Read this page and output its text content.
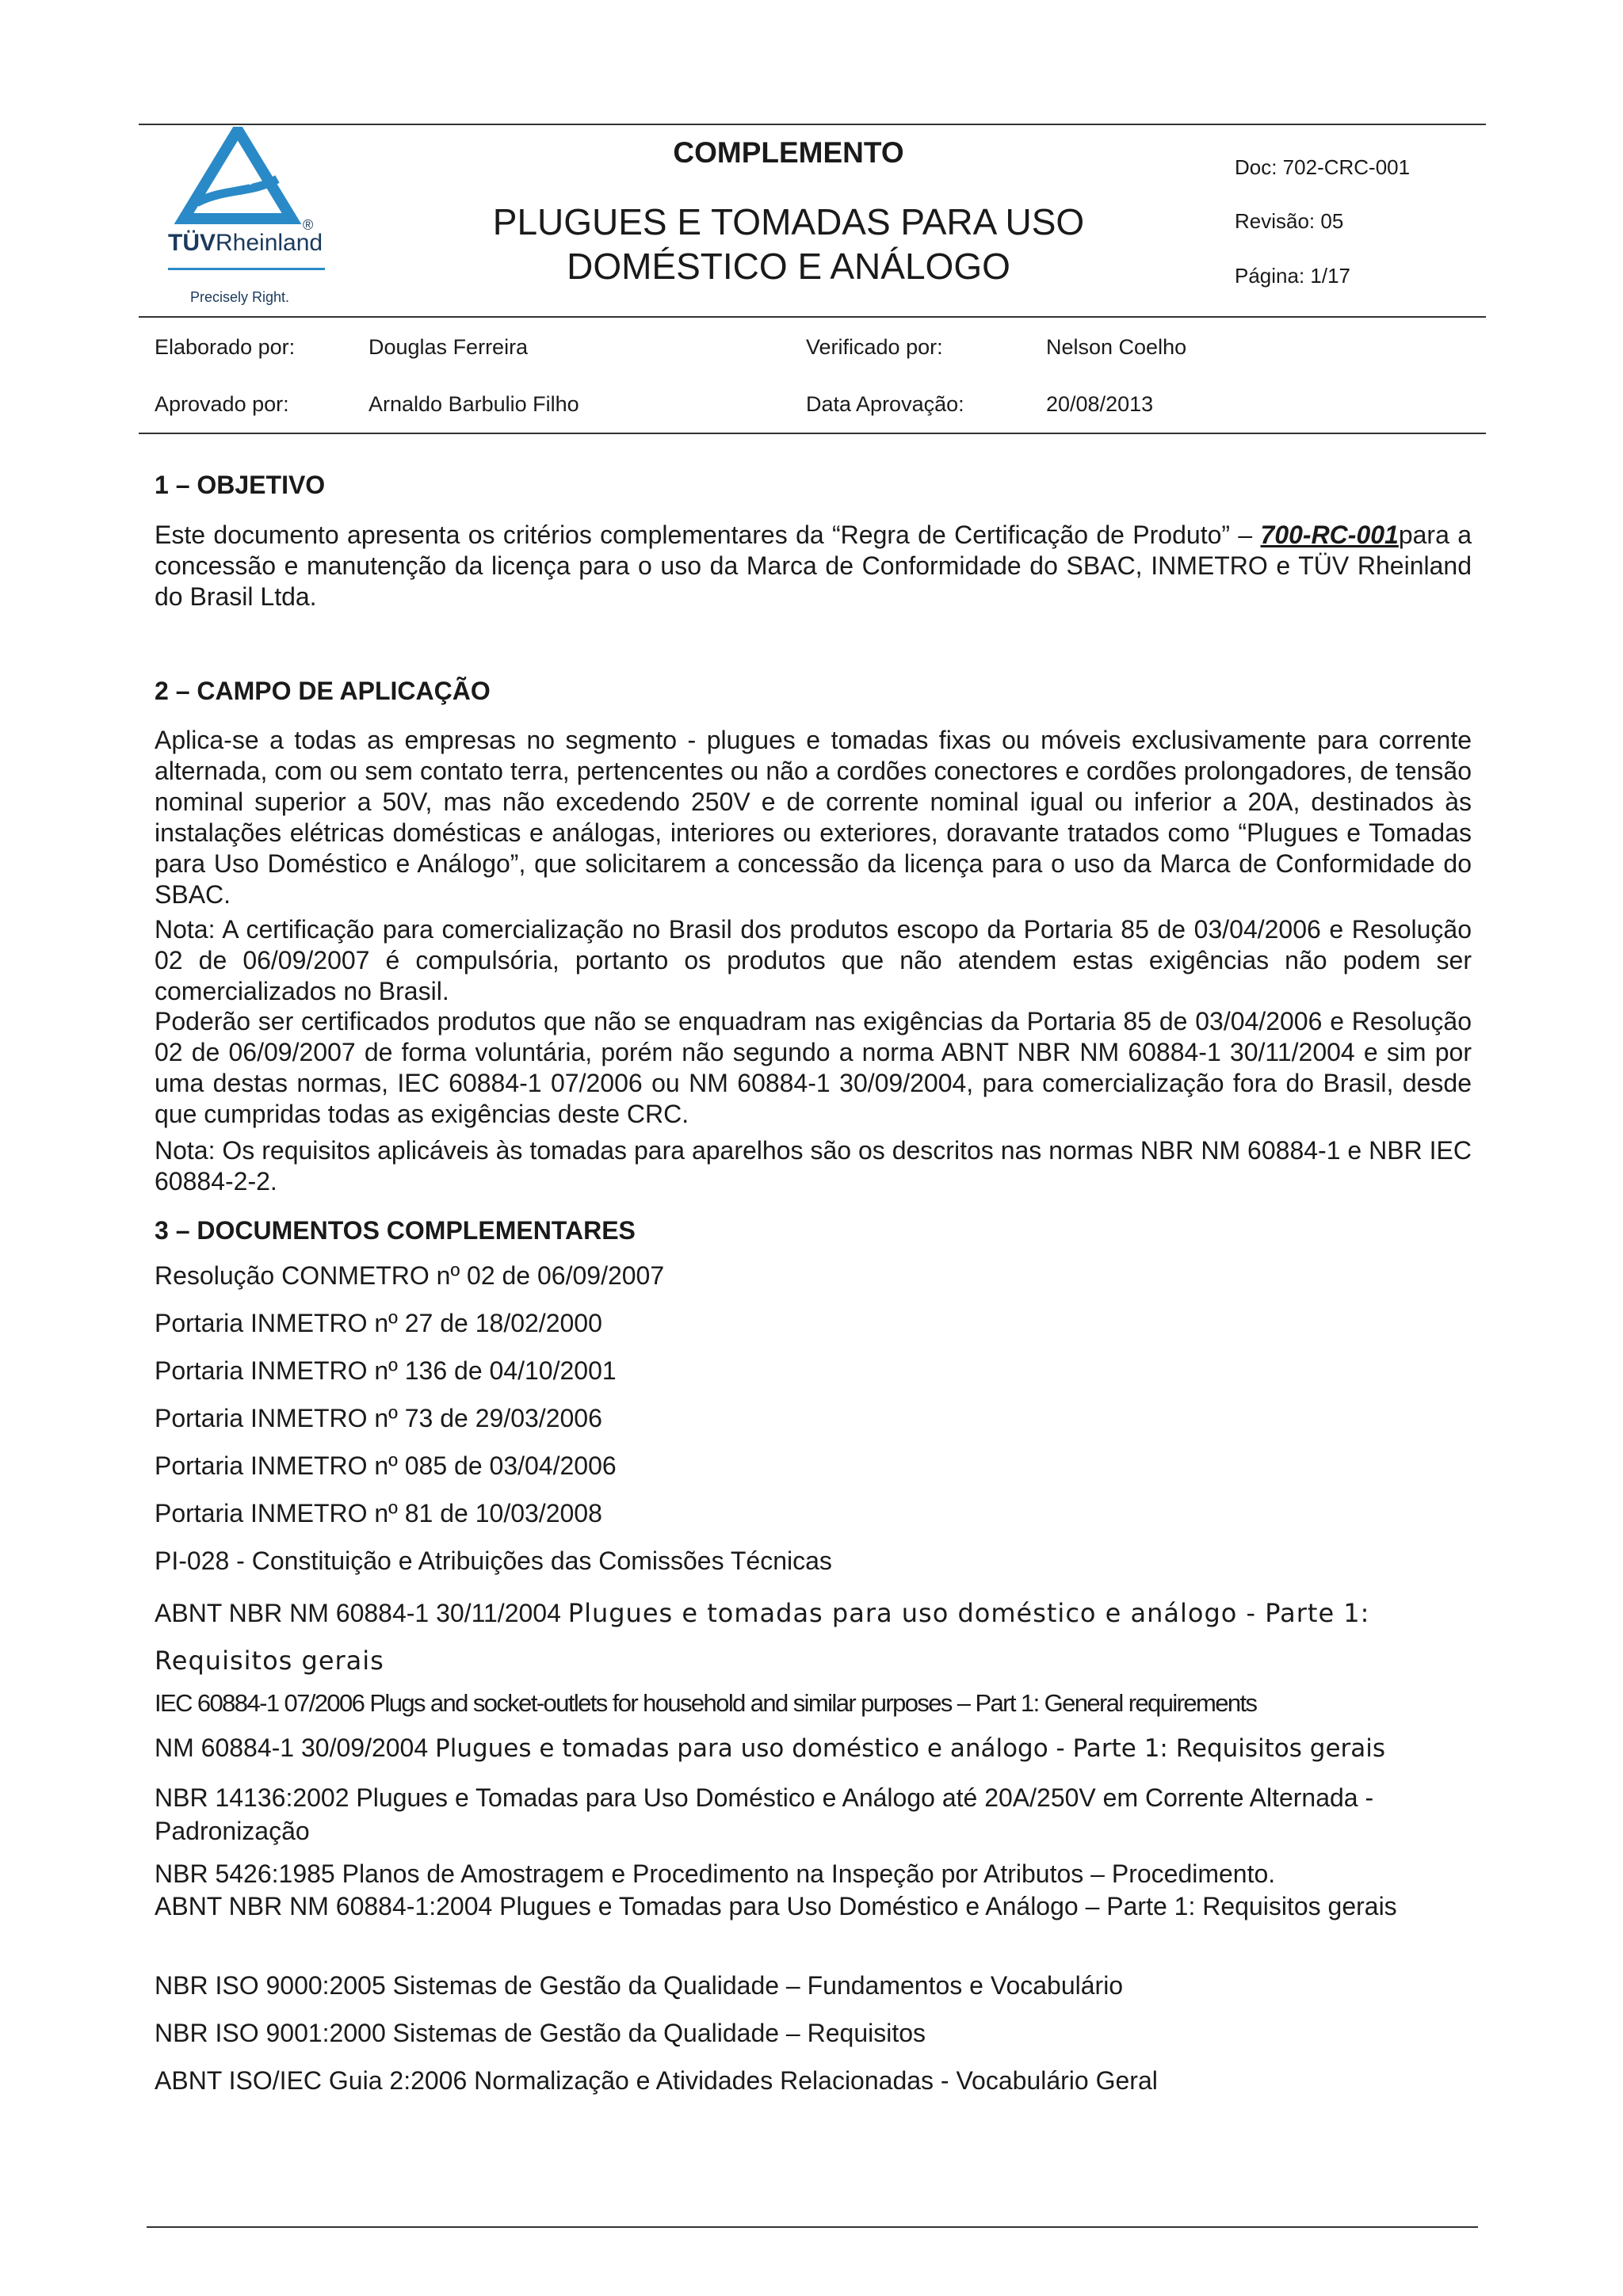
®
TÜVRheinland
Precisely Right.
COMPLEMENTO
PLUGUES E TOMADAS PARA USO DOMÉSTICO E ANÁLOGO
Doc: 702-CRC-001
Revisão: 05
Página: 1/17
Elaborado por:	Douglas Ferreira	Verificado por:	Nelson Coelho
Aprovado por:	Arnaldo Barbulio Filho	Data Aprovação:	20/08/2013
1 – OBJETIVO
Este documento apresenta os critérios complementares da “Regra de Certificação de Produto” – 700-RC-001para a concessão e manutenção da licença para o uso da Marca de Conformidade do SBAC, INMETRO e TÜV Rheinland do Brasil Ltda.
2 – CAMPO DE APLICAÇÃO
Aplica-se a todas as empresas no segmento - plugues e tomadas fixas ou móveis exclusivamente para corrente alternada, com ou sem contato terra, pertencentes ou não a cordões conectores e cordões prolongadores, de tensão nominal superior a 50V, mas não excedendo 250V e de corrente nominal igual ou inferior a 20A, destinados às instalações elétricas domésticas e análogas, interiores ou exteriores, doravante tratados como “Plugues e Tomadas para Uso Doméstico e Análogo”, que solicitarem a concessão da licença para o uso da Marca de Conformidade do SBAC.
Nota: A certificação para comercialização no Brasil dos produtos escopo da Portaria 85 de 03/04/2006 e Resolução 02 de 06/09/2007 é compulsória, portanto os produtos que não atendem estas exigências não podem ser comercializados no Brasil.
Poderão ser certificados produtos que não se enquadram nas exigências da Portaria 85 de 03/04/2006 e Resolução 02 de 06/09/2007 de forma voluntária, porém não segundo a norma ABNT NBR NM 60884-1 30/11/2004 e sim por uma destas normas, IEC 60884-1 07/2006 ou NM 60884-1 30/09/2004, para comercialização fora do Brasil, desde que cumpridas todas as exigências deste CRC.
Nota: Os requisitos aplicáveis às tomadas para aparelhos são os descritos nas normas NBR NM 60884-1 e NBR IEC 60884-2-2.
3 – DOCUMENTOS COMPLEMENTARES
Resolução CONMETRO nº 02 de 06/09/2007
Portaria INMETRO nº 27 de 18/02/2000
Portaria INMETRO nº 136 de 04/10/2001
Portaria INMETRO nº 73 de 29/03/2006
Portaria INMETRO nº 085 de 03/04/2006
Portaria INMETRO nº 81 de 10/03/2008
PI-028 - Constituição e Atribuições das Comissões Técnicas
ABNT NBR NM 60884-1 30/11/2004 Plugues e tomadas para uso doméstico e análogo - Parte 1: Requisitos gerais
IEC 60884-1 07/2006 Plugs and socket-outlets for household and similar purposes – Part 1: General requirements
NM 60884-1 30/09/2004 Plugues e tomadas para uso doméstico e análogo - Parte 1: Requisitos gerais
NBR 14136:2002 Plugues e Tomadas para Uso Doméstico e Análogo até 20A/250V em Corrente Alternada - Padronização
NBR 5426:1985 Planos de Amostragem e Procedimento na Inspeção por Atributos – Procedimento.
ABNT NBR NM 60884-1:2004 Plugues e Tomadas para Uso Doméstico e Análogo – Parte 1: Requisitos gerais
NBR ISO 9000:2005 Sistemas de Gestão da Qualidade – Fundamentos e Vocabulário
NBR ISO 9001:2000 Sistemas de Gestão da Qualidade – Requisitos
ABNT ISO/IEC Guia 2:2006 Normalização e Atividades Relacionadas - Vocabulário Geral
